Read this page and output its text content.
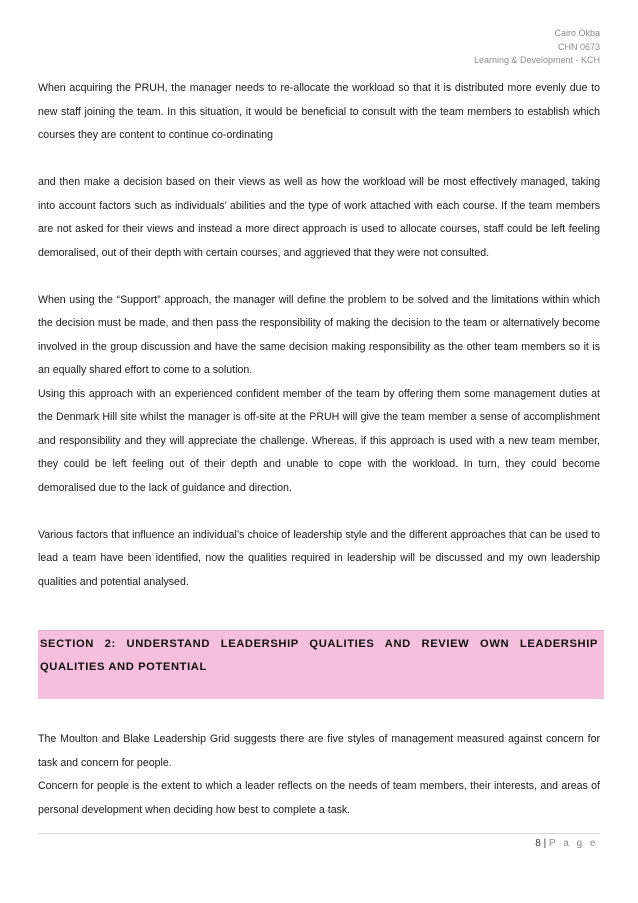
Cairo Okba
CHN 0673
Learning & Development - KCH

When acquiring the PRUH, the manager needs to re-allocate the workload so that it is distributed more evenly due to new staff joining the team. In this situation, it would be beneficial to consult with the team members to establish which courses they are content to continue co-ordinating

and then make a decision based on their views as well as how the workload will be most effectively managed, taking into account factors such as individuals’ abilities and the type of work attached with each course. If the team members are not asked for their views and instead a more direct approach is used to allocate courses, staff could be left feeling demoralised, out of their depth with certain courses, and aggrieved that they were not consulted.

When using the “Support” approach, the manager will define the problem to be solved and the limitations within which the decision must be made, and then pass the responsibility of making the decision to the team or alternatively become involved in the group discussion and have the same decision making responsibility as the other team members so it is an equally shared effort to come to a solution.

Using this approach with an experienced confident member of the team by offering them some management duties at the Denmark Hill site whilst the manager is off-site at the PRUH will give the team member a sense of accomplishment and responsibility and they will appreciate the challenge. Whereas, if this approach is used with a new team member, they could be left feeling out of their depth and unable to cope with the workload. In turn, they could become demoralised due to the lack of guidance and direction.

Various factors that influence an individual’s choice of leadership style and the different approaches that can be used to lead a team have been identified, now the qualities required in leadership will be discussed and my own leadership qualities and potential analysed.

SECTION 2: UNDERSTAND LEADERSHIP QUALITIES AND REVIEW OWN LEADERSHIP QUALITIES AND POTENTIAL

The Moulton and Blake Leadership Grid suggests there are five styles of management measured against concern for task and concern for people.

Concern for people is the extent to which a leader reflects on the needs of team members, their interests, and areas of personal development when deciding how best to complete a task.

8 | P a g e
